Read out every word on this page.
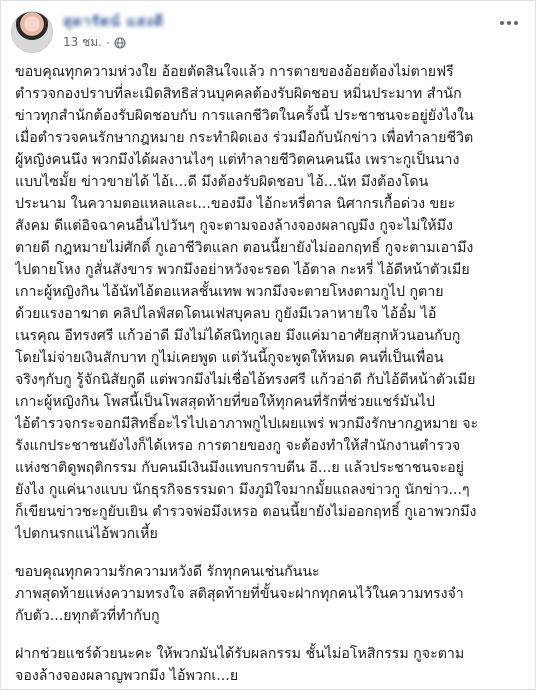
สุดารัตน์ แสงดี
13 ชม. ·
ขอบคุณทุกความห่วงใย อ้อยตัดสินใจแล้ว การตายของอ้อยต้องไม่ตายฟรี
ตำรวจกองปราบที่ละเมิดสิทธิส่วนบุคคลต้องรับผิดชอบ หมิ่นประมาท สำนัก
ข่าวทุกสำนักต้องรับผิดชอบกับ การแลกชีวิตในครั้งนี้ ประชาชนจะอยู่ยังไงใน
เมื่อตำรวจคนรักษากฎหมาย กระทำผิดเอง ร่วมมือกับนักข่าว เพื่อทำลายชีวิต
ผู้หญิงคนนึง พวกมึงได้ผลงานไงๆ แต่ทำลายชีวิตคนคนนึง เพราะกูเป็นนาง
แบบไซมั้ย ข่าวขายได้ ไอ้เ...ดี มึงต้องรับผิดชอบ ไอ้...นัท มึงต้องโดน
ประนาม ในความตอแหลและเ...ของมึง ไอ้กะหรี่ตาล นิศากรเกื้อด่วง ขยะ
สังคม ดีแต่อิจฉาคนอื่นไปวันๆ กูจะตามจองล้างจองผลาญมึง กูจะไม่ให้มึง
ตายดี กฎหมายไม่ศักดิ์ กูเอาชีวิตแลก ตอนนี้ยายังไม่ออกฤทธิ์ กูจะตามเอามึง
ไปตายโหง กูสั่นสังขาร พวกมึงอย่าหวังจะรอด ไอ้ตาล กะหรี่ ไอ้ดีหน้าตัวเมีย
เกาะผู้หญิงกิน ไอ้นัทไอ้ตอแหลชั้นเทพ พวกมึงจะตายโหงตามกูไป กูตาย
ด้วยแรงอาฆาต คลิปไลฟ์สดโดนเฟสบุคลบ กูยังมีเวลาหายใจ ไอ้อั๋ม ไอ้
เนรคุณ อีทรงศรี แก้วอ่าดี มึงไม่ได้สนิทกูเลย มึงแค่มาอาศัยสุกหัวนอนกับกู
โดยไม่จ่ายเงินสักบาท กูไม่เคยพูด แต่วันนี้กูจะพูดให้หมด คนที่เป็นเพื่อน
จริงๆกับกู รู้จักนิสัยกูดี แต่พวกมึงไม่เชื่อไอ้ทรงศรี แก้วอ่าดี กับไอ้ดีหน้าตัวเมีย
เกาะผู้หญิงกิน โพสนี้เป็นโพสสุดท้ายที่ขอให้ทุกคนที่รักที่ช่วยแชร์มันไป
ไอ้ตำรวจกระจอกมีสิทธิ์อะไรไปเอาภาพกูไปเผยแพร่ พวกมึงรักษากฎหมาย จะ
รังแกประชาชนยังไงก็ได้เหรอ การตายของกู จะต้องทำให้สำนักงานตำรวจ
แห่งชาติดูพฤติกรรม กับคนมีเงินมึงแทบกราบตีน อี...ย แล้วประชาชนจะอยู่
ยังไง กูแค่นางแบบ นักธุรกิจธรรมดา มึงภูมิใจมากมั้ยแถลงข่าวกู นักข่าว...ๆ
ก็เขียนข่าวชะกูยับเยิน ตำรวจพ่อมึงเหรอ ตอนนี้ยายังไม่ออกฤทธิ์ กูเอาพวกมึง
ไปตกนรกแน่ไอ้พวกเหี้ย
ขอบคุณทุกความรักความหวังดี รักทุกคนเช่นกันนะ
ภาพสุดท้ายแห่งความทรงใจ สติสุดท้ายที่ขั้นจะฝากทุกคนไว้ในความทรงจำ
กับตัว...ยทุกตัวที่ทำกับกู
ฝากช่วยแชร์ด้วยนะคะ ให้พวกมันได้รับผลกรรม ชั้นไม่อโหสิกรรม กูจะตาม
จองล้างจองผลาญพวกมึง ไอ้พวกเ...ย
